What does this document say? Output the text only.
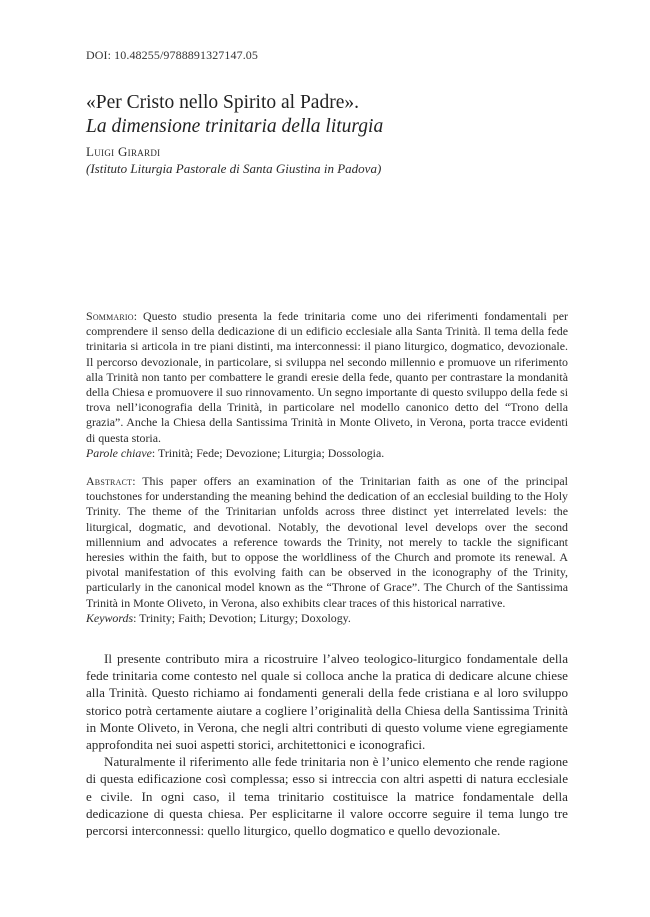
DOI: 10.48255/9788891327147.05
«Per Cristo nello Spirito al Padre».
La dimensione trinitaria della liturgia
Luigi Girardi
(Istituto Liturgia Pastorale di Santa Giustina in Padova)
Sommario: Questo studio presenta la fede trinitaria come uno dei riferimenti fondamentali per comprendere il senso della dedicazione di un edificio ecclesiale alla Santa Trinità. Il tema della fede trinitaria si articola in tre piani distinti, ma interconnessi: il piano liturgico, dogmatico, devozionale. Il percorso devozionale, in particolare, si sviluppa nel secondo millennio e promuove un riferimento alla Trinità non tanto per combattere le grandi eresie della fede, quanto per contrastare la mondanità della Chiesa e promuovere il suo rinnovamento. Un segno importante di questo sviluppo della fede si trova nell’iconografia della Trinità, in particolare nel modello canonico detto del “Trono della grazia”. Anche la Chiesa della Santissima Trinità in Monte Oliveto, in Verona, porta tracce evidenti di questa storia.
Parole chiave: Trinità; Fede; Devozione; Liturgia; Dossologia.
Abstract: This paper offers an examination of the Trinitarian faith as one of the principal touchstones for understanding the meaning behind the dedication of an ecclesial building to the Holy Trinity. The theme of the Trinitarian unfolds across three distinct yet interrelated levels: the liturgical, dogmatic, and devotional. Notably, the devotional level develops over the second millennium and advocates a reference towards the Trinity, not merely to tackle the significant heresies within the faith, but to oppose the worldliness of the Church and promote its renewal. A pivotal manifestation of this evolving faith can be observed in the iconography of the Trinity, particularly in the canonical model known as the “Throne of Grace”. The Church of the Santissima Trinità in Monte Oliveto, in Verona, also exhibits clear traces of this historical narrative.
Keywords: Trinity; Faith; Devotion; Liturgy; Doxology.

Il presente contributo mira a ricostruire l’alveo teologico-liturgico fondamentale della fede trinitaria come contesto nel quale si colloca anche la pratica di dedicare alcune chiese alla Trinità. Questo richiamo ai fondamenti generali della fede cristiana e al loro sviluppo storico potrà certamente aiutare a cogliere l’originalità della Chiesa della Santissima Trinità in Monte Oliveto, in Verona, che negli altri contributi di questo volume viene egregiamente approfondita nei suoi aspetti storici, architettonici e iconografici.

Naturalmente il riferimento alle fede trinitaria non è l’unico elemento che rende ragione di questa edificazione così complessa; esso si intreccia con altri aspetti di natura ecclesiale e civile. In ogni caso, il tema trinitario costituisce la matrice fondamentale della dedicazione di questa chiesa. Per esplicitarne il valore occorre seguire il tema lungo tre percorsi interconnessi: quello liturgico, quello dogmatico e quello devozionale.
